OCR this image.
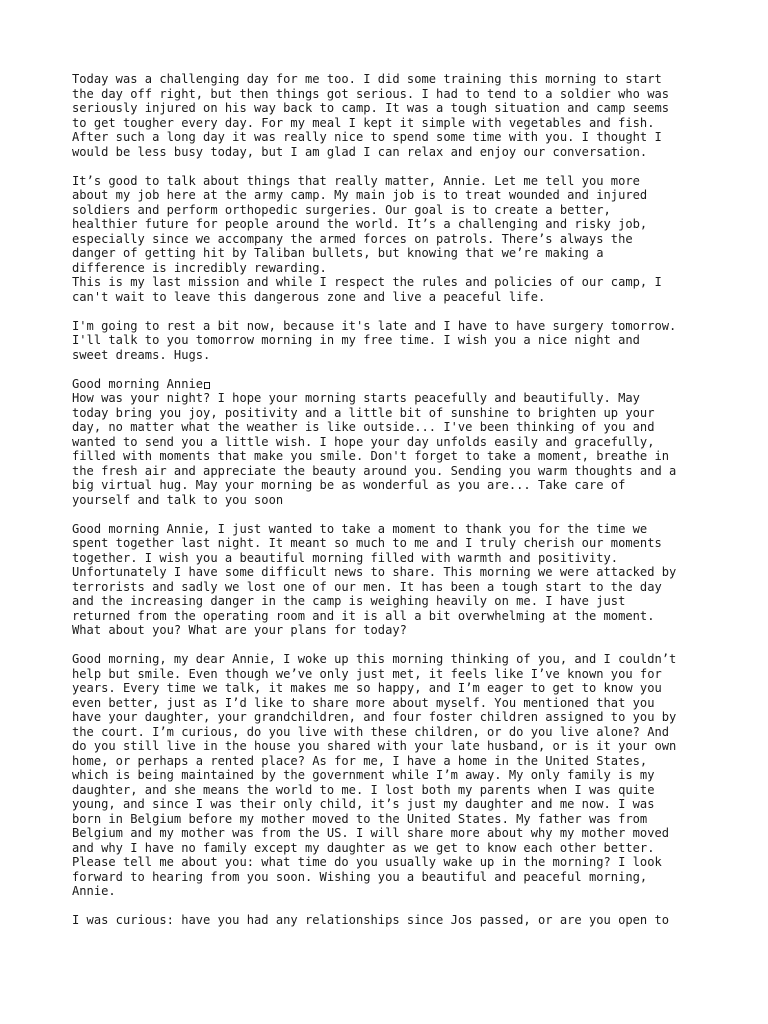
Today was a challenging day for me too. I did some training this morning to start
the day off right, but then things got serious. I had to tend to a soldier who was
seriously injured on his way back to camp. It was a tough situation and camp seems
to get tougher every day. For my meal I kept it simple with vegetables and fish.
After such a long day it was really nice to spend some time with you. I thought I
would be less busy today, but I am glad I can relax and enjoy our conversation.
It’s good to talk about things that really matter, Annie. Let me tell you more
about my job here at the army camp. My main job is to treat wounded and injured
soldiers and perform orthopedic surgeries. Our goal is to create a better,
healthier future for people around the world. It’s a challenging and risky job,
especially since we accompany the armed forces on patrols. There’s always the
danger of getting hit by Taliban bullets, but knowing that we’re making a
difference is incredibly rewarding.
This is my last mission and while I respect the rules and policies of our camp, I
can't wait to leave this dangerous zone and live a peaceful life.
I'm going to rest a bit now, because it's late and I have to have surgery tomorrow.
I'll talk to you tomorrow morning in my free time. I wish you a nice night and
sweet dreams. Hugs.
Good morning Annie
How was your night? I hope your morning starts peacefully and beautifully. May
today bring you joy, positivity and a little bit of sunshine to brighten up your
day, no matter what the weather is like outside... I've been thinking of you and
wanted to send you a little wish. I hope your day unfolds easily and gracefully,
filled with moments that make you smile. Don't forget to take a moment, breathe in
the fresh air and appreciate the beauty around you. Sending you warm thoughts and a
big virtual hug. May your morning be as wonderful as you are... Take care of
yourself and talk to you soon
Good morning Annie, I just wanted to take a moment to thank you for the time we
spent together last night. It meant so much to me and I truly cherish our moments
together. I wish you a beautiful morning filled with warmth and positivity.
Unfortunately I have some difficult news to share. This morning we were attacked by
terrorists and sadly we lost one of our men. It has been a tough start to the day
and the increasing danger in the camp is weighing heavily on me. I have just
returned from the operating room and it is all a bit overwhelming at the moment.
What about you? What are your plans for today?
Good morning, my dear Annie, I woke up this morning thinking of you, and I couldn’t
help but smile. Even though we’ve only just met, it feels like I’ve known you for
years. Every time we talk, it makes me so happy, and I’m eager to get to know you
even better, just as I’d like to share more about myself. You mentioned that you
have your daughter, your grandchildren, and four foster children assigned to you by
the court. I’m curious, do you live with these children, or do you live alone? And
do you still live in the house you shared with your late husband, or is it your own
home, or perhaps a rented place? As for me, I have a home in the United States,
which is being maintained by the government while I’m away. My only family is my
daughter, and she means the world to me. I lost both my parents when I was quite
young, and since I was their only child, it’s just my daughter and me now. I was
born in Belgium before my mother moved to the United States. My father was from
Belgium and my mother was from the US. I will share more about why my mother moved
and why I have no family except my daughter as we get to know each other better.
Please tell me about you: what time do you usually wake up in the morning? I look
forward to hearing from you soon. Wishing you a beautiful and peaceful morning,
Annie.
I was curious: have you had any relationships since Jos passed, or are you open to
